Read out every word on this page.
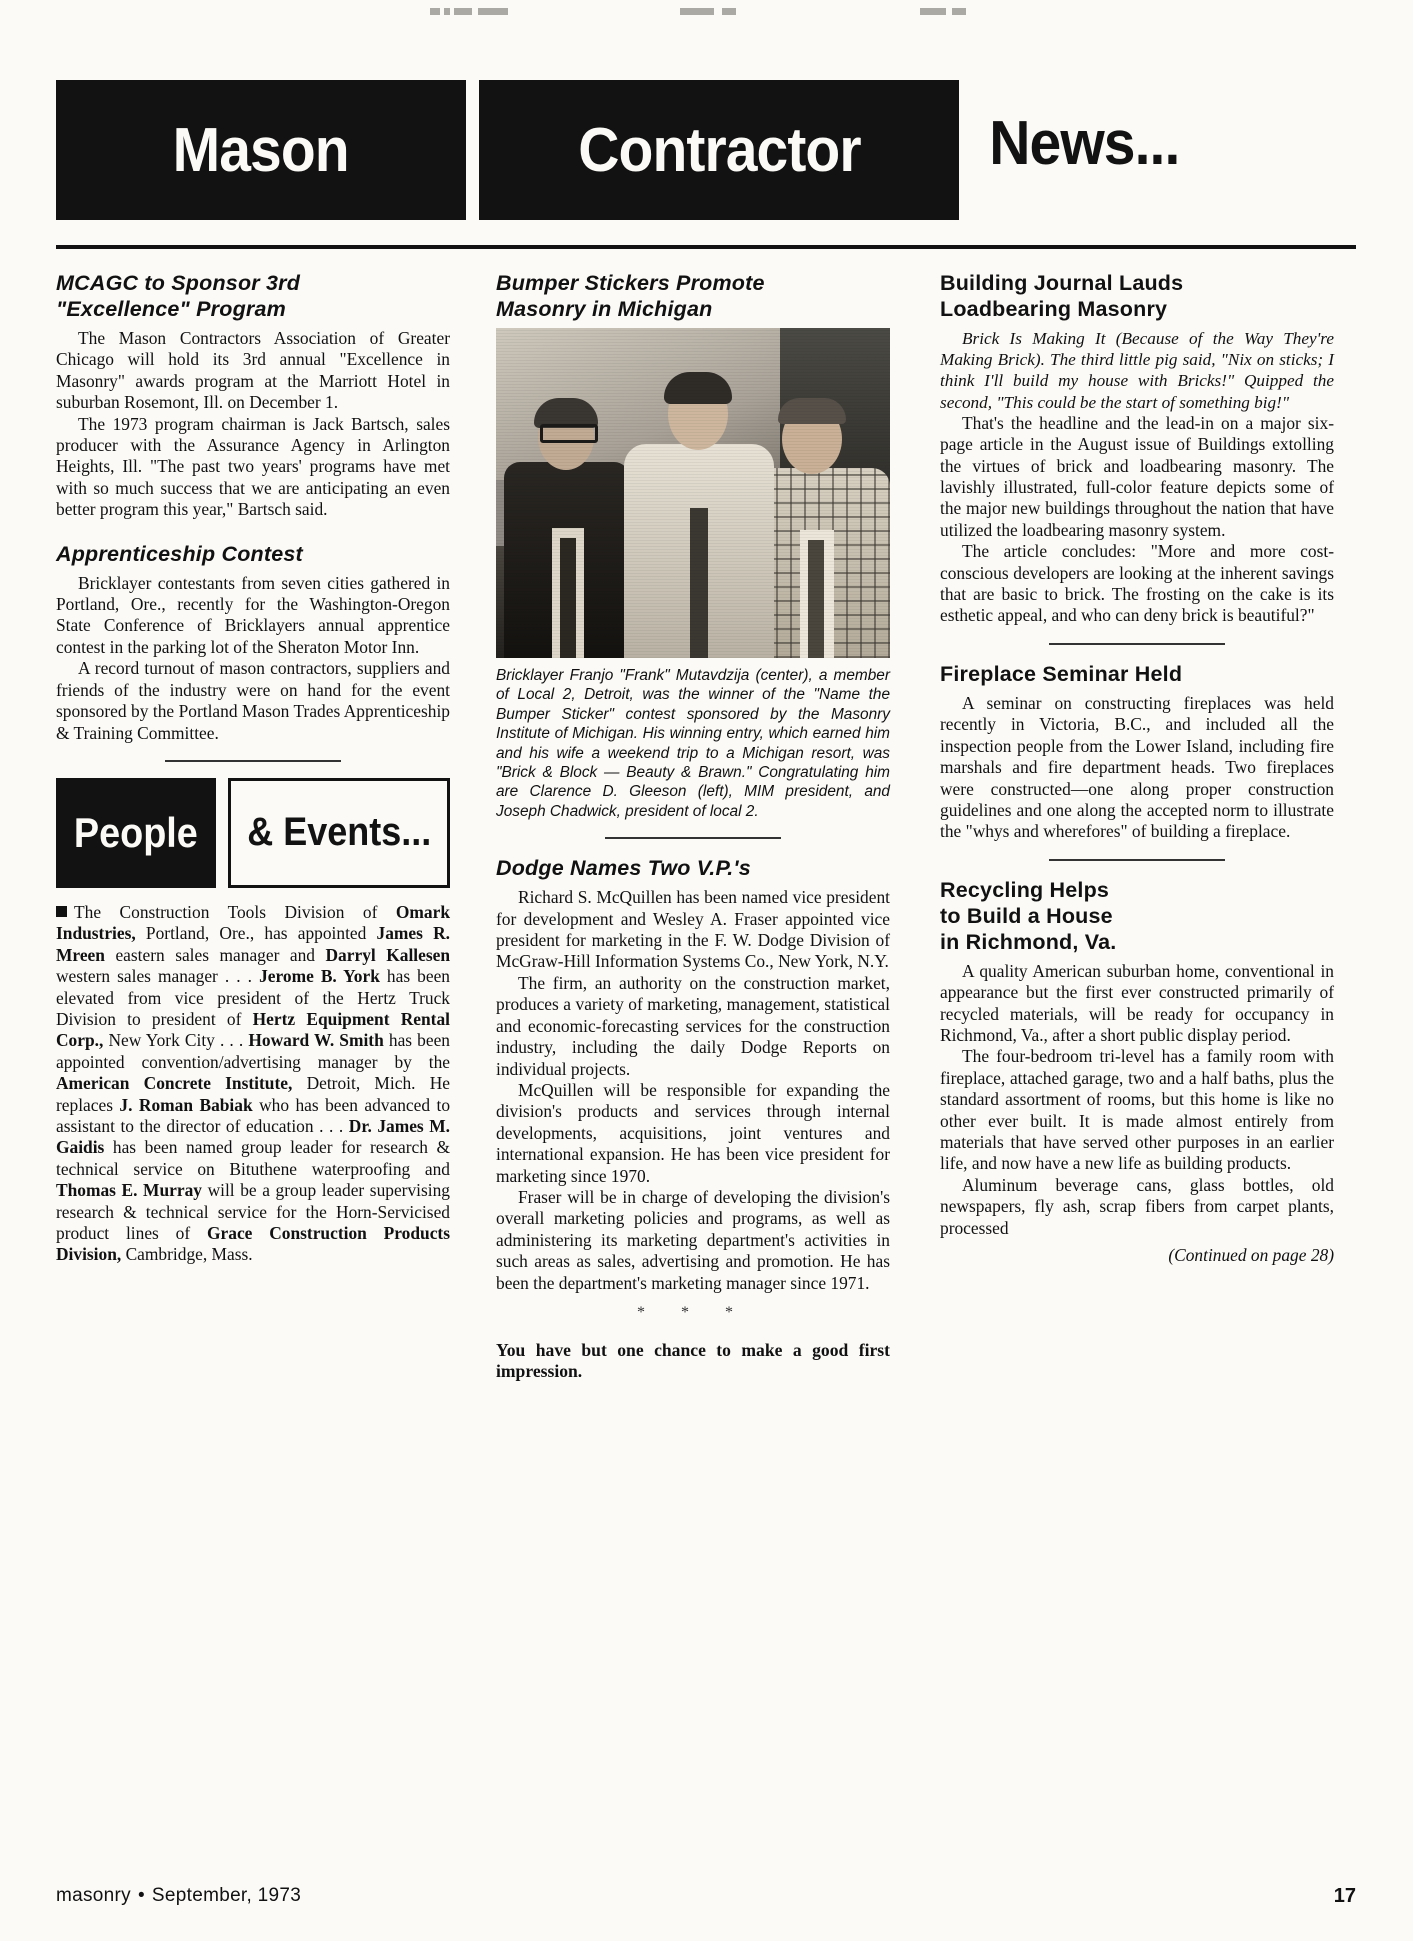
Mason	Contractor News...
MCAGC to Sponsor 3rd
"Excellence" Program

The Mason Contractors Association of Greater Chicago will hold its 3rd annual "Excellence in Masonry" awards program at the Marriott Hotel in suburban Rosemont, Ill. on December 1.

The 1973 program chairman is Jack Bartsch, sales producer with the Assurance Agency in Arlington Heights, Ill. "The past two years' programs have met with so much success that we are anticipating an even better program this year," Bartsch said.

Apprenticeship Contest

Bricklayer contestants from seven cities gathered in Portland, Ore., recently for the Washington-Oregon State Conference of Bricklayers annual apprentice contest in the parking lot of the Sheraton Motor Inn.

A record turnout of mason contractors, suppliers and friends of the industry were on hand for the event sponsored by the Portland Mason Trades Apprenticeship & Training Committee.

People & Events...

The Construction Tools Division of Omark Industries, Portland, Ore., has appointed James R. Mreen eastern sales manager and Darryl Kallesen western sales manager . . . Jerome B. York has been elevated from vice president of the Hertz Truck Division to president of Hertz Equipment Rental Corp., New York City . . . Howard W. Smith has been appointed convention/advertising manager by the American Concrete Institute, Detroit, Mich. He replaces J. Roman Babiak who has been advanced to assistant to the director of education . . . Dr. James M. Gaidis has been named group leader for research & technical service on Bituthene waterproofing and Thomas E. Murray will be a group leader supervising research & technical service for the Horn-Servicised product lines of Grace Construction Products Division, Cambridge, Mass.

Bumper Stickers Promote
Masonry in Michigan

Bricklayer Franjo "Frank" Mutavdzija (center), a member of Local 2, Detroit, was the winner of the "Name the Bumper Sticker" contest sponsored by the Masonry Institute of Michigan. His winning entry, which earned him and his wife a weekend trip to a Michigan resort, was "Brick & Block — Beauty & Brawn." Congratulating him are Clarence D. Gleeson (left), MIM president, and Joseph Chadwick, president of local 2.

Dodge Names Two V.P.'s

Richard S. McQuillen has been named vice president for development and Wesley A. Fraser appointed vice president for marketing in the F. W. Dodge Division of McGraw-Hill Information Systems Co., New York, N.Y.

The firm, an authority on the construction market, produces a variety of marketing, management, statistical and economic-forecasting services for the construction industry, including the daily Dodge Reports on individual projects.

McQuillen will be responsible for expanding the division's products and services through internal developments, acquisitions, joint ventures and international expansion. He has been vice president for marketing since 1970.

Fraser will be in charge of developing the division's overall marketing policies and programs, as well as administering its marketing department's activities in such areas as sales, advertising and promotion. He has been the department's marketing manager since 1971.

* * *

You have but one chance to make a good first impression.

Building Journal Lauds
Loadbearing Masonry

Brick Is Making It (Because of the Way They're Making Brick). The third little pig said, "Nix on sticks; I think I'll build my house with Bricks!" Quipped the second, "This could be the start of something big!"

That's the headline and the lead-in on a major six-page article in the August issue of Buildings extolling the virtues of brick and loadbearing masonry. The lavishly illustrated, full-color feature depicts some of the major new buildings throughout the nation that have utilized the loadbearing masonry system.

The article concludes: "More and more cost-conscious developers are looking at the inherent savings that are basic to brick. The frosting on the cake is its esthetic appeal, and who can deny brick is beautiful?"

Fireplace Seminar Held

A seminar on constructing fireplaces was held recently in Victoria, B.C., and included all the inspection people from the Lower Island, including fire marshals and fire department heads. Two fireplaces were constructed—one along proper construction guidelines and one along the accepted norm to illustrate the "whys and wherefores" of building a fireplace.

Recycling Helps
to Build a House
in Richmond, Va.

A quality American suburban home, conventional in appearance but the first ever constructed primarily of recycled materials, will be ready for occupancy in Richmond, Va., after a short public display period.

The four-bedroom tri-level has a family room with fireplace, attached garage, two and a half baths, plus the standard assortment of rooms, but this home is like no other ever built. It is made almost entirely from materials that have served other purposes in an earlier life, and now have a new life as building products.

Aluminum beverage cans, glass bottles, old newspapers, fly ash, scrap fibers from carpet plants, processed

(Continued on page 28)

masonry • September, 1973	17
